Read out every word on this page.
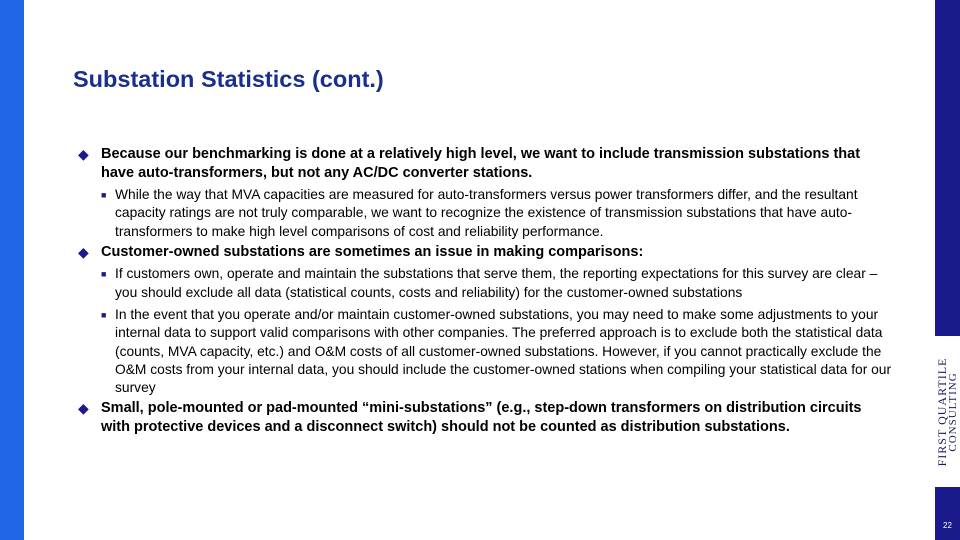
FIRST QUARTILE
CONSULTING
22
Substation Statistics (cont.)
◆ Because our benchmarking is done at a relatively high level, we want to include transmission substations that have auto-transformers, but not any AC/DC converter stations.
■ While the way that MVA capacities are measured for auto-transformers versus power transformers differ, and the resultant capacity ratings are not truly comparable, we want to recognize the existence of transmission substations that have auto-transformers to make high level comparisons of cost and reliability performance.
◆ Customer-owned substations are sometimes an issue in making comparisons:
■ If customers own, operate and maintain the substations that serve them, the reporting expectations for this survey are clear – you should exclude all data (statistical counts, costs and reliability) for the customer-owned substations
■ In the event that you operate and/or maintain customer-owned substations, you may need to make some adjustments to your internal data to support valid comparisons with other companies. The preferred approach is to exclude both the statistical data (counts, MVA capacity, etc.) and O&M costs of all customer-owned substations. However, if you cannot practically exclude the O&M costs from your internal data, you should include the customer-owned stations when compiling your statistical data for our survey
◆ Small, pole-mounted or pad-mounted “mini-substations” (e.g., step-down transformers on distribution circuits with protective devices and a disconnect switch) should not be counted as distribution substations.
